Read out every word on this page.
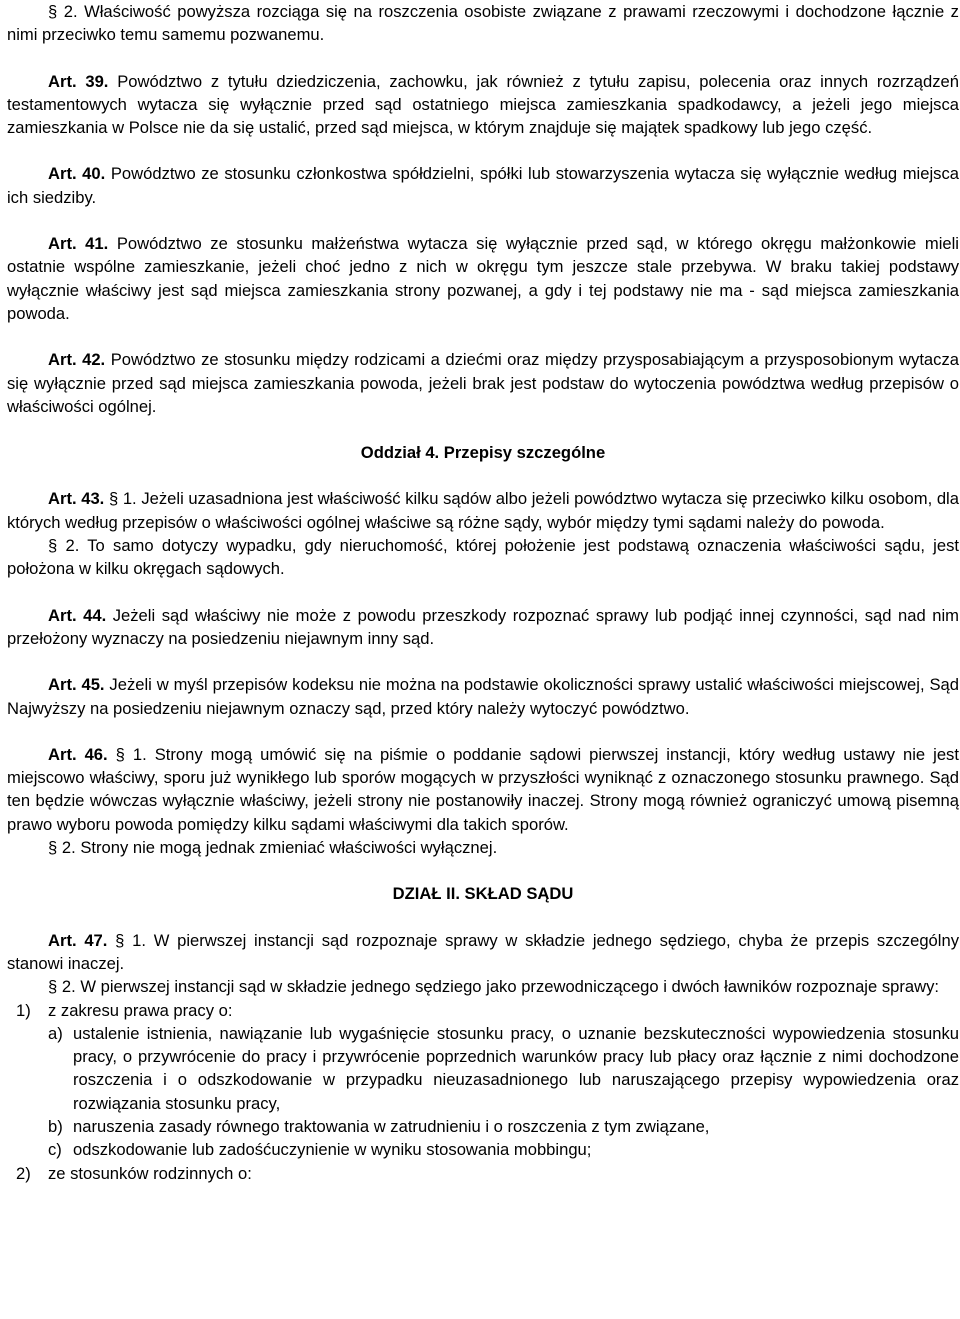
§ 2. Właściwość powyższa rozciąga się na roszczenia osobiste związane z prawami rzeczowymi i dochodzone łącznie z nimi przeciwko temu samemu pozwanemu.

Art. 39. Powództwo z tytułu dziedziczenia, zachowku, jak również z tytułu zapisu, polecenia oraz innych rozrządzeń testamentowych wytacza się wyłącznie przed sąd ostatniego miejsca zamieszkania spadkodawcy, a jeżeli jego miejsca zamieszkania w Polsce nie da się ustalić, przed sąd miejsca, w którym znajduje się majątek spadkowy lub jego część.

Art. 40. Powództwo ze stosunku członkostwa spółdzielni, spółki lub stowarzyszenia wytacza się wyłącznie według miejsca ich siedziby.

Art. 41. Powództwo ze stosunku małżeństwa wytacza się wyłącznie przed sąd, w którego okręgu małżonkowie mieli ostatnie wspólne zamieszkanie, jeżeli choć jedno z nich w okręgu tym jeszcze stale przebywa. W braku takiej podstawy wyłącznie właściwy jest sąd miejsca zamieszkania strony pozwanej, a gdy i tej podstawy nie ma - sąd miejsca zamieszkania powoda.

Art. 42. Powództwo ze stosunku między rodzicami a dziećmi oraz między przysposabiającym a przysposobionym wytacza się wyłącznie przed sąd miejsca zamieszkania powoda, jeżeli brak jest podstaw do wytoczenia powództwa według przepisów o właściwości ogólnej.

Oddział 4. Przepisy szczególne

Art. 43. § 1. Jeżeli uzasadniona jest właściwość kilku sądów albo jeżeli powództwo wytacza się przeciwko kilku osobom, dla których według przepisów o właściwości ogólnej właściwe są różne sądy, wybór między tymi sądami należy do powoda.

§ 2. To samo dotyczy wypadku, gdy nieruchomość, której położenie jest podstawą oznaczenia właściwości sądu, jest położona w kilku okręgach sądowych.

Art. 44. Jeżeli sąd właściwy nie może z powodu przeszkody rozpoznać sprawy lub podjąć innej czynności, sąd nad nim przełożony wyznaczy na posiedzeniu niejawnym inny sąd.

Art. 45. Jeżeli w myśl przepisów kodeksu nie można na podstawie okoliczności sprawy ustalić właściwości miejscowej, Sąd Najwyższy na posiedzeniu niejawnym oznaczy sąd, przed który należy wytoczyć powództwo.

Art. 46. § 1. Strony mogą umówić się na piśmie o poddanie sądowi pierwszej instancji, który według ustawy nie jest miejscowo właściwy, sporu już wynikłego lub sporów mogących w przyszłości wyniknąć z oznaczonego stosunku prawnego. Sąd ten będzie wówczas wyłącznie właściwy, jeżeli strony nie postanowiły inaczej. Strony mogą również ograniczyć umową pisemną prawo wyboru powoda pomiędzy kilku sądami właściwymi dla takich sporów.

§ 2. Strony nie mogą jednak zmieniać właściwości wyłącznej.

DZIAŁ II. SKŁAD SĄDU

Art. 47. § 1. W pierwszej instancji sąd rozpoznaje sprawy w składzie jednego sędziego, chyba że przepis szczególny stanowi inaczej.

§ 2. W pierwszej instancji sąd w składzie jednego sędziego jako przewodniczącego i dwóch ławników rozpoznaje sprawy:

1)	z zakresu prawa pracy o:
a) ustalenie istnienia, nawiązanie lub wygaśnięcie stosunku pracy, o uznanie bezskuteczności wypowiedzenia stosunku pracy, o przywrócenie do pracy i przywrócenie poprzednich warunków pracy lub płacy oraz łącznie z nimi dochodzone roszczenia i o odszkodowanie w przypadku nieuzasadnionego lub naruszającego przepisy wypowiedzenia oraz rozwiązania stosunku pracy,
b) naruszenia zasady równego traktowania w zatrudnieniu i o roszczenia z tym związane,
c) odszkodowanie lub zadośćuczynienie w wyniku stosowania mobbingu;
2)	ze stosunków rodzinnych o:
